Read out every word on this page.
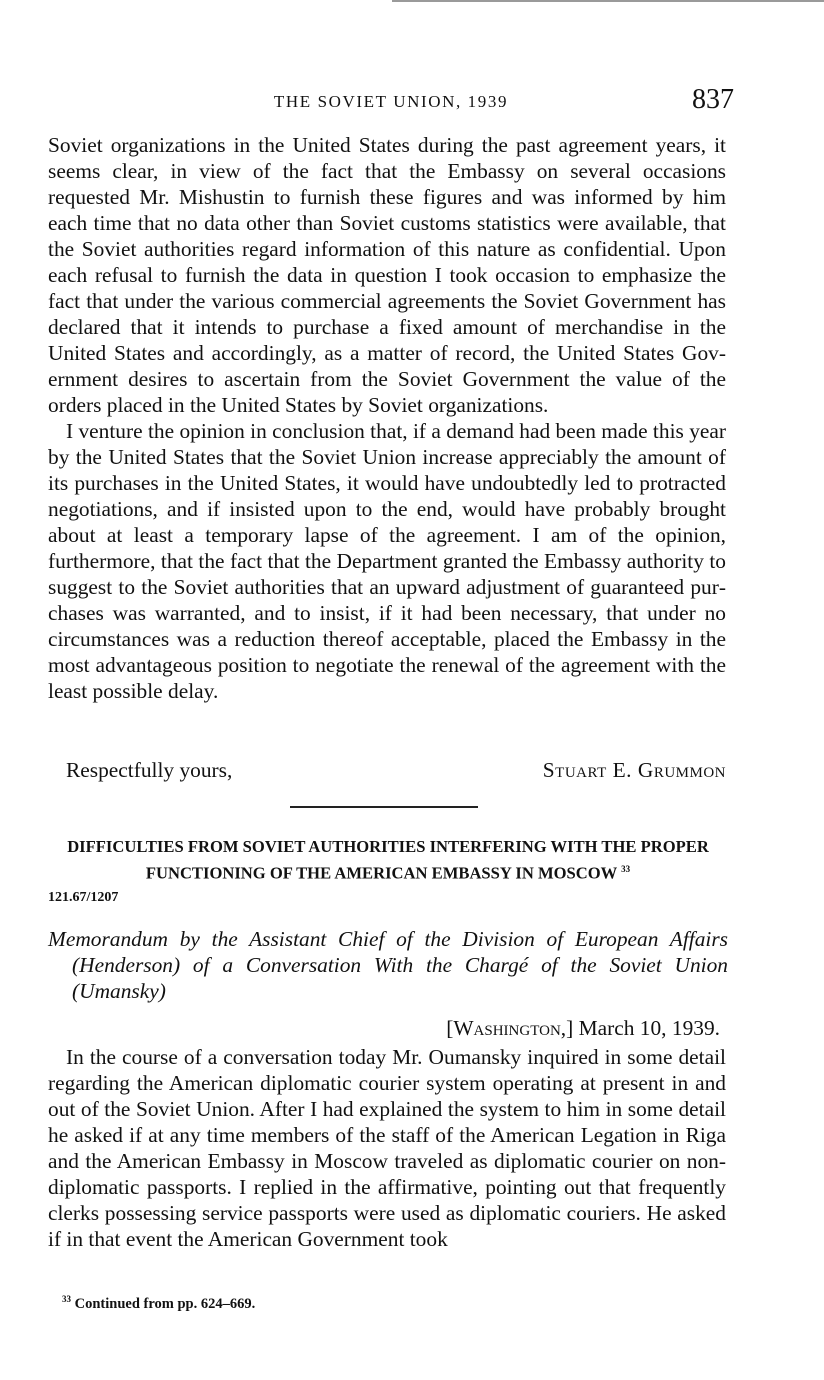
THE SOVIET UNION, 1939	837

Soviet organizations in the United States during the past agreement years, it seems clear, in view of the fact that the Embassy on several occasions requested Mr. Mishustin to furnish these figures and was informed by him each time that no data other than Soviet customs statistics were available, that the Soviet authorities regard information of this nature as confidential. Upon each refusal to furnish the data in question I took occasion to emphasize the fact that under the various commercial agreements the Soviet Government has declared that it intends to purchase a fixed amount of merchandise in the United States and accordingly, as a matter of record, the United States Government desires to ascertain from the Soviet Government the value of the orders placed in the United States by Soviet organizations.

I venture the opinion in conclusion that, if a demand had been made this year by the United States that the Soviet Union increase appreciably the amount of its purchases in the United States, it would have undoubtedly led to protracted negotiations, and if insisted upon to the end, would have probably brought about at least a temporary lapse of the agreement. I am of the opinion, furthermore, that the fact that the Department granted the Embassy authority to suggest to the Soviet authorities that an upward adjustment of guaranteed purchases was warranted, and to insist, if it had been necessary, that under no circumstances was a reduction thereof acceptable, placed the Embassy in the most advantageous position to negotiate the renewal of the agreement with the least possible delay.

Respectfully yours,	Stuart E. Grummon
DIFFICULTIES FROM SOVIET AUTHORITIES INTERFERING WITH THE PROPER FUNCTIONING OF THE AMERICAN EMBASSY IN MOSCOW $^{33}$
121.67/1207
Memorandum by the Assistant Chief of the Division of European Affairs (Henderson) of a Conversation With the Chargé of the Soviet Union (Umansky)
[Washington,] March 10, 1939.

In the course of a conversation today Mr. Oumansky inquired in some detail regarding the American diplomatic courier system operating at present in and out of the Soviet Union. After I had explained the system to him in some detail he asked if at any time members of the staff of the American Legation in Riga and the American Embassy in Moscow traveled as diplomatic courier on nondiplomatic passports. I replied in the affirmative, pointing out that frequently clerks possessing service passports were used as diplomatic couriers. He asked if in that event the American Government took

$^{33}$ Continued from pp. 624–669.
